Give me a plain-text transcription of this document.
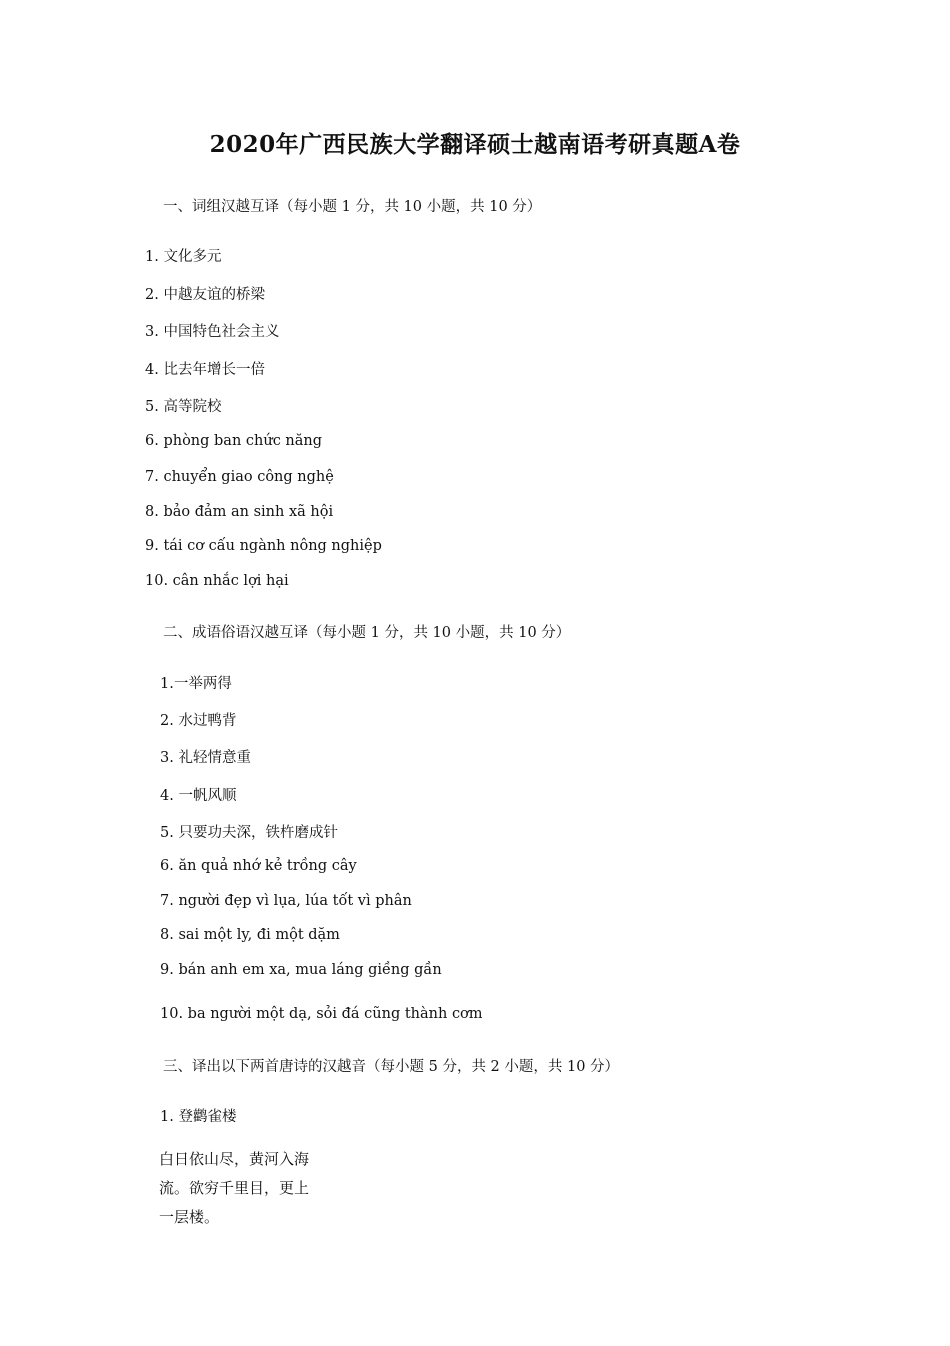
2020年广西民族大学翻译硕士越南语考研真题A卷
一、词组汉越互译（每小题 1 分，共 10 小题，共 10 分）
1. 文化多元
2. 中越友谊的桥梁
3. 中国特色社会主义
4. 比去年增长一倍
5. 高等院校
6. phòng ban chức năng
7. chuyển giao công nghệ
8. bảo đảm an sinh xã hội
9. tái cơ cấu ngành nông nghiệp
10. cân nhắc lợi hại
二、成语俗语汉越互译（每小题 1 分，共 10 小题，共 10 分）
1.一举两得
2. 水过鸭背
3. 礼轻情意重
4. 一帆风顺
5. 只要功夫深，铁杵磨成针
6. ăn quả nhớ kẻ trồng cây
7. người đẹp vì lụa, lúa tốt vì phân
8. sai một ly, đi một dặm
9. bán anh em xa, mua láng giềng gần
10. ba người một dạ, sỏi đá cũng thành cơm
三、译出以下两首唐诗的汉越音（每小题 5 分，共 2 小题，共 10 分）
1. 登鹳雀楼
白日依山尽，黄河入海
流。欲穷千里目，更上
一层楼。
